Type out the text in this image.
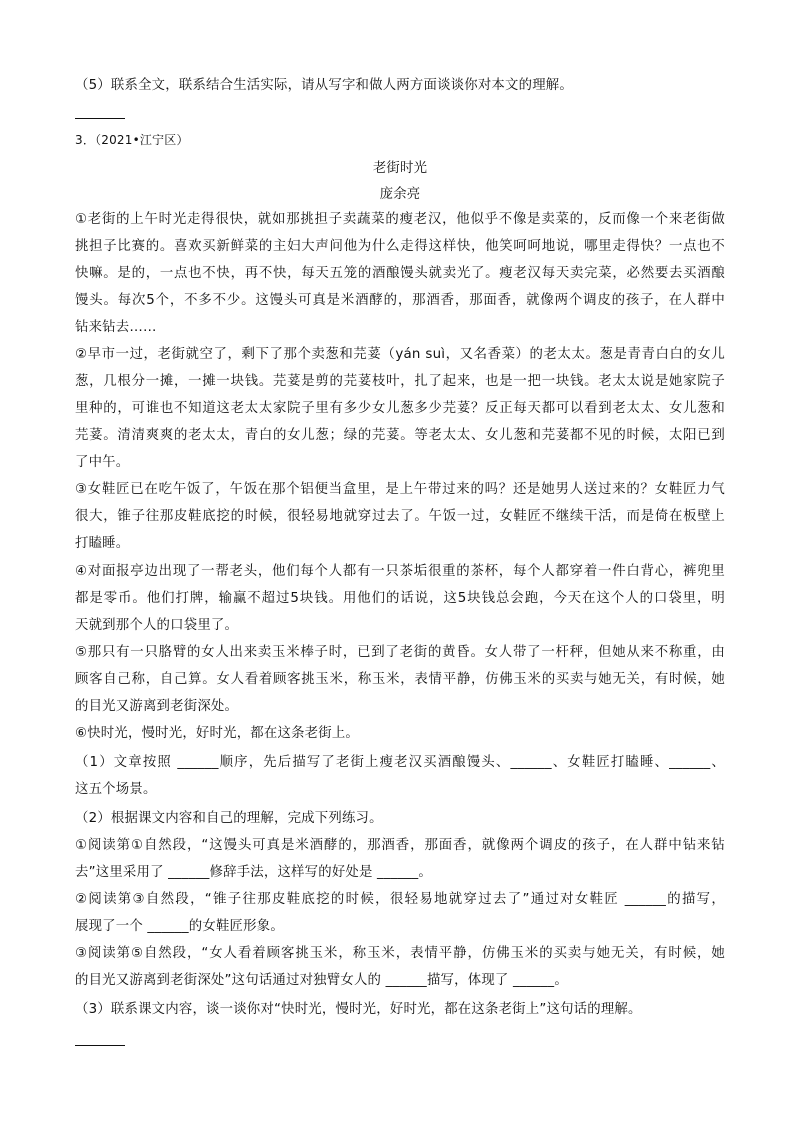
（5）联系全文，联系结合生活实际，请从写字和做人两方面谈谈你对本文的理解。
3．（2021•江宁区）
老街时光
庞余亮
①老街的上午时光走得很快，就如那挑担子卖蔬菜的瘦老汉，他似乎不像是卖菜的，反而像一个来老街做
挑担子比赛的。喜欢买新鲜菜的主妇大声问他为什么走得这样快，他笑呵呵地说，哪里走得快？一点也不
快嘛。是的，一点也不快，再不快，每天五笼的酒酿馒头就卖光了。瘦老汉每天卖完菜，必然要去买酒酿
馒头。每次5个，不多不少。这馒头可真是米酒酵的，那酒香，那面香，就像两个调皮的孩子，在人群中
钻来钻去……
②早市一过，老街就空了，剩下了那个卖葱和芫荽（yán suì，又名香菜）的老太太。葱是青青白白的女儿
葱，几根分一摊，一摊一块钱。芫荽是剪的芫荽枝叶，扎了起来，也是一把一块钱。老太太说是她家院子
里种的，可谁也不知道这老太太家院子里有多少女儿葱多少芫荽？反正每天都可以看到老太太、女儿葱和
芫荽。清清爽爽的老太太，青白的女儿葱；绿的芫荽。等老太太、女儿葱和芫荽都不见的时候，太阳已到
了中午。
③女鞋匠已在吃午饭了，午饭在那个铝便当盒里，是上午带过来的吗？还是她男人送过来的？女鞋匠力气
很大，锥子往那皮鞋底挖的时候，很轻易地就穿过去了。午饭一过，女鞋匠不继续干活，而是倚在板壁上
打瞌睡。
④对面报亭边出现了一帮老头，他们每个人都有一只茶垢很重的茶杯，每个人都穿着一件白背心，裤兜里
都是零币。他们打牌，输赢不超过5块钱。用他们的话说，这5块钱总会跑，今天在这个人的口袋里，明
天就到那个人的口袋里了。
⑤那只有一只胳臂的女人出来卖玉米棒子时，已到了老街的黄昏。女人带了一杆秤，但她从来不称重，由
顾客自己称，自己算。女人看着顾客挑玉米，称玉米，表情平静，仿佛玉米的买卖与她无关，有时候，她
的目光又游离到老街深处。
⑥快时光，慢时光，好时光，都在这条老街上。
（1）文章按照 ______顺序，先后描写了老街上瘦老汉买酒酿馒头、______、女鞋匠打瞌睡、______、
这五个场景。
（2）根据课文内容和自己的理解，完成下列练习。
①阅读第①自然段，“这馒头可真是米酒酵的，那酒香，那面香，就像两个调皮的孩子，在人群中钻来钻
去”这里采用了 ______修辞手法，这样写的好处是 ______。
②阅读第③自然段，“锥子往那皮鞋底挖的时候，很轻易地就穿过去了”通过对女鞋匠 ______的描写，
展现了一个 ______的女鞋匠形象。
③阅读第⑤自然段，“女人看着顾客挑玉米，称玉米，表情平静，仿佛玉米的买卖与她无关，有时候，她
的目光又游离到老街深处”这句话通过对独臂女人的 ______描写，体现了 ______。
（3）联系课文内容，谈一谈你对“快时光，慢时光，好时光，都在这条老街上”这句话的理解。
